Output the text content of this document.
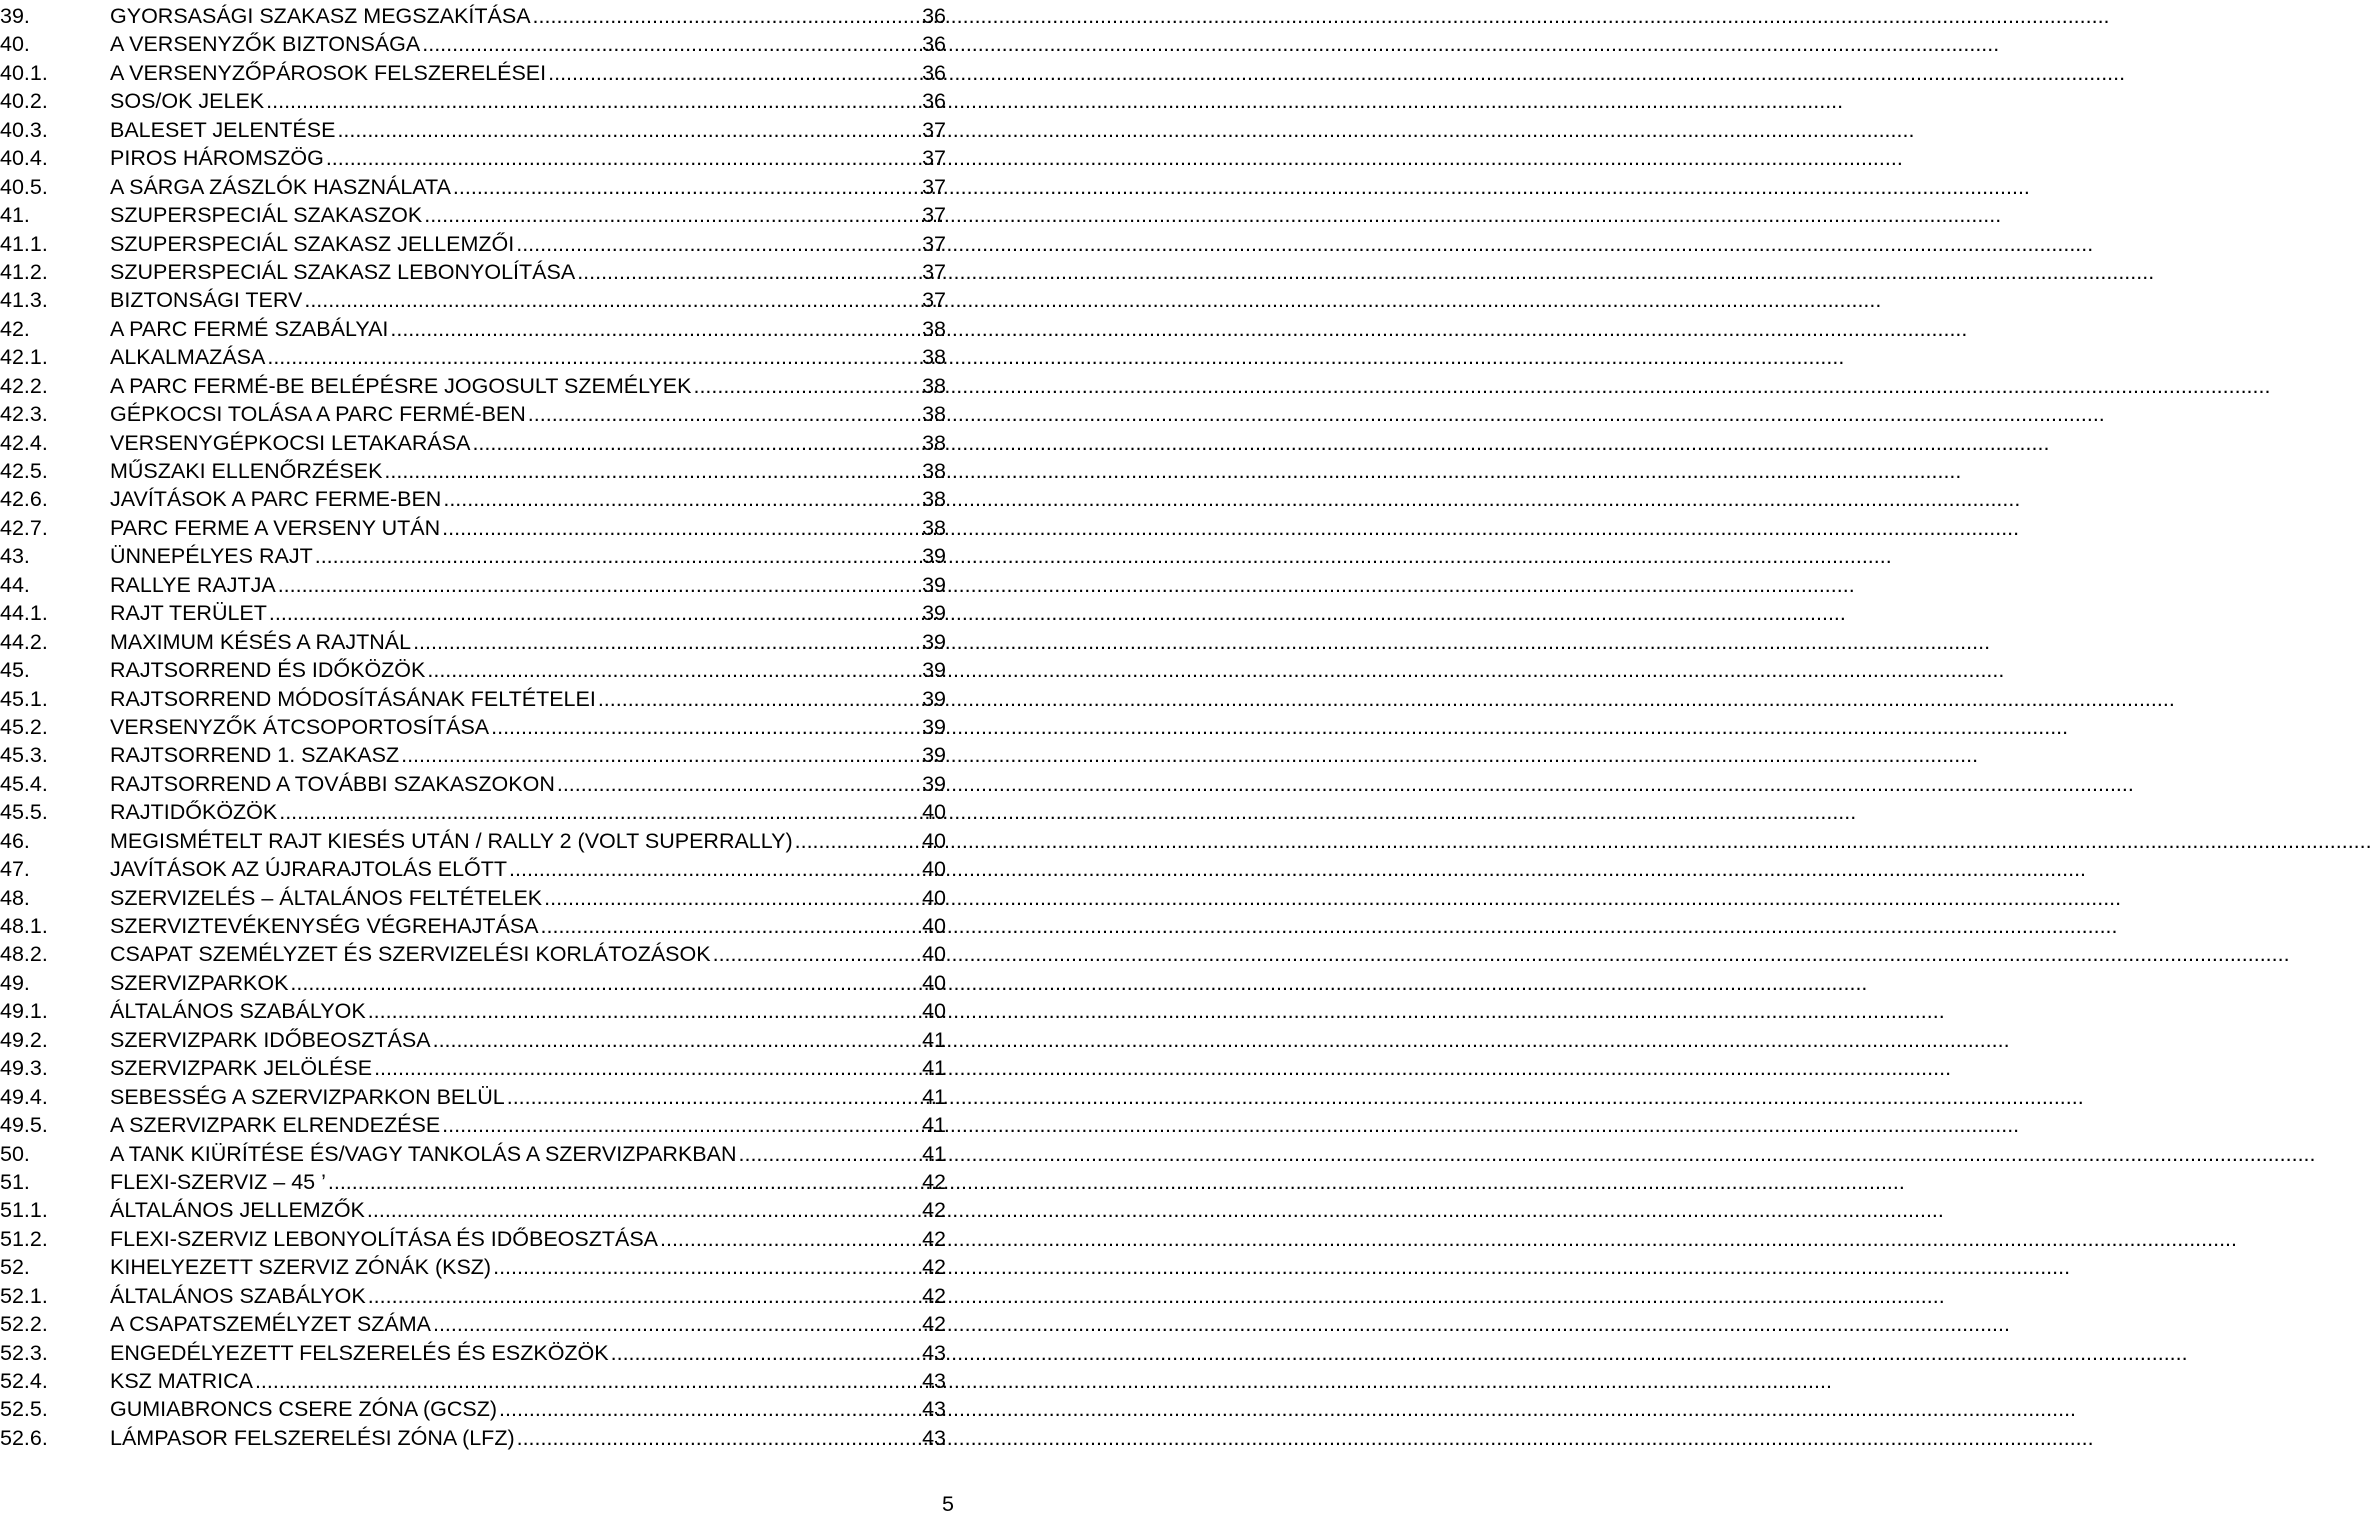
39.	GYORSASÁGI SZAKASZ MEGSZAKÍTÁSA .....	36
40.	A VERSENYZŐK BIZTONSÁGA .....	36
40.1.	A VERSENYZŐPÁROSOK FELSZERELÉSEI .....	36
40.2.	SOS/OK JELEK .....	36
40.3.	BALESET JELENTÉSE .....	37
40.4.	PIROS HÁROMSZÖG .....	37
40.5.	A SÁRGA ZÁSZLÓK HASZNÁLATA .....	37
41.	SZUPERSPECIÁL SZAKASZOK .....	37
41.1.	SZUPERSPECIÁL SZAKASZ JELLEMZŐI .....	37
41.2.	SZUPERSPECIÁL SZAKASZ LEBONYOLÍTÁSA .....	37
41.3.	BIZTONSÁGI TERV .....	37
42.	A PARC FERMÉ SZABÁLYAI .....	38
42.1.	ALKALMAZÁSA .....	38
42.2.	A PARC FERMÉ-BE BELÉPÉSRE JOGOSULT SZEMÉLYEK .....	38
42.3.	GÉPKOCSI TOLÁSA A PARC FERMÉ-BEN .....	38
42.4.	VERSENYGÉPKOCSI LETAKARÁSA .....	38
42.5.	MŰSZAKI ELLENŐRZÉSEK .....	38
42.6.	JAVÍTÁSOK A PARC FERME-BEN .....	38
42.7.	PARC FERME A VERSENY UTÁN .....	38
43.	ÜNNEPÉLYES RAJT .....	39
44.	RALLYE RAJTJA .....	39
44.1.	RAJT TERÜLET .....	39
44.2.	MAXIMUM KÉSÉS A RAJTNÁL .....	39
45.	RAJTSORREND ÉS IDŐKÖZÖK .....	39
45.1.	RAJTSORREND MÓDOSÍTÁSÁNAK FELTÉTELEI .....	39
45.2.	VERSENYZŐK ÁTCSOPORTOSÍTÁSA .....	39
45.3.	RAJTSORREND 1. SZAKASZ .....	39
45.4.	RAJTSORREND A TOVÁBBI SZAKASZOKON .....	39
45.5.	RAJTIDŐKÖZÖK .....	40
46.	MEGISMÉTELT RAJT KIESÉS UTÁN / RALLY 2 (VOLT SUPERRALLY) .....	40
47.	JAVÍTÁSOK AZ ÚJRARAJTOLÁS ELŐTT .....	40
48.	SZERVIZELÉS – ÁLTALÁNOS FELTÉTELEK .....	40
48.1.	SZERVIZTEVÉKENYSÉG VÉGREHAJTÁSA .....	40
48.2.	CSAPAT SZEMÉLYZET ÉS SZERVIZELÉSI KORLÁTOZÁSOK .....	40
49.	SZERVIZPARKOK .....	40
49.1.	ÁLTALÁNOS SZABÁLYOK .....	40
49.2.	SZERVIZPARK IDŐBEOSZTÁSA .....	41
49.3.	SZERVIZPARK JELÖLÉSE .....	41
49.4.	SEBESSÉG A SZERVIZPARKON BELÜL .....	41
49.5.	A SZERVIZPARK ELRENDEZÉSE .....	41
50.	A TANK KIÜRÍTÉSE ÉS/VAGY TANKOLÁS A SZERVIZPARKBAN .....	41
51.	FLEXI-SZERVIZ – 45 ’ .....	42
51.1.	ÁLTALÁNOS JELLEMZŐK .....	42
51.2.	FLEXI-SZERVIZ LEBONYOLÍTÁSA ÉS IDŐBEOSZTÁSA .....	42
52.	KIHELYEZETT SZERVIZ ZÓNÁK (KSZ) .....	42
52.1.	ÁLTALÁNOS SZABÁLYOK .....	42
52.2.	A CSAPATSZEMÉLYZET SZÁMA .....	42
52.3.	ENGEDÉLYEZETT FELSZERELÉS ÉS ESZKÖZÖK .....	43
52.4.	KSZ MATRICA .....	43
52.5.	GUMIABRONCS CSERE ZÓNA (GCSZ) .....	43
52.6.	LÁMPASOR FELSZERELÉSI ZÓNA (LFZ) .....	43
5
